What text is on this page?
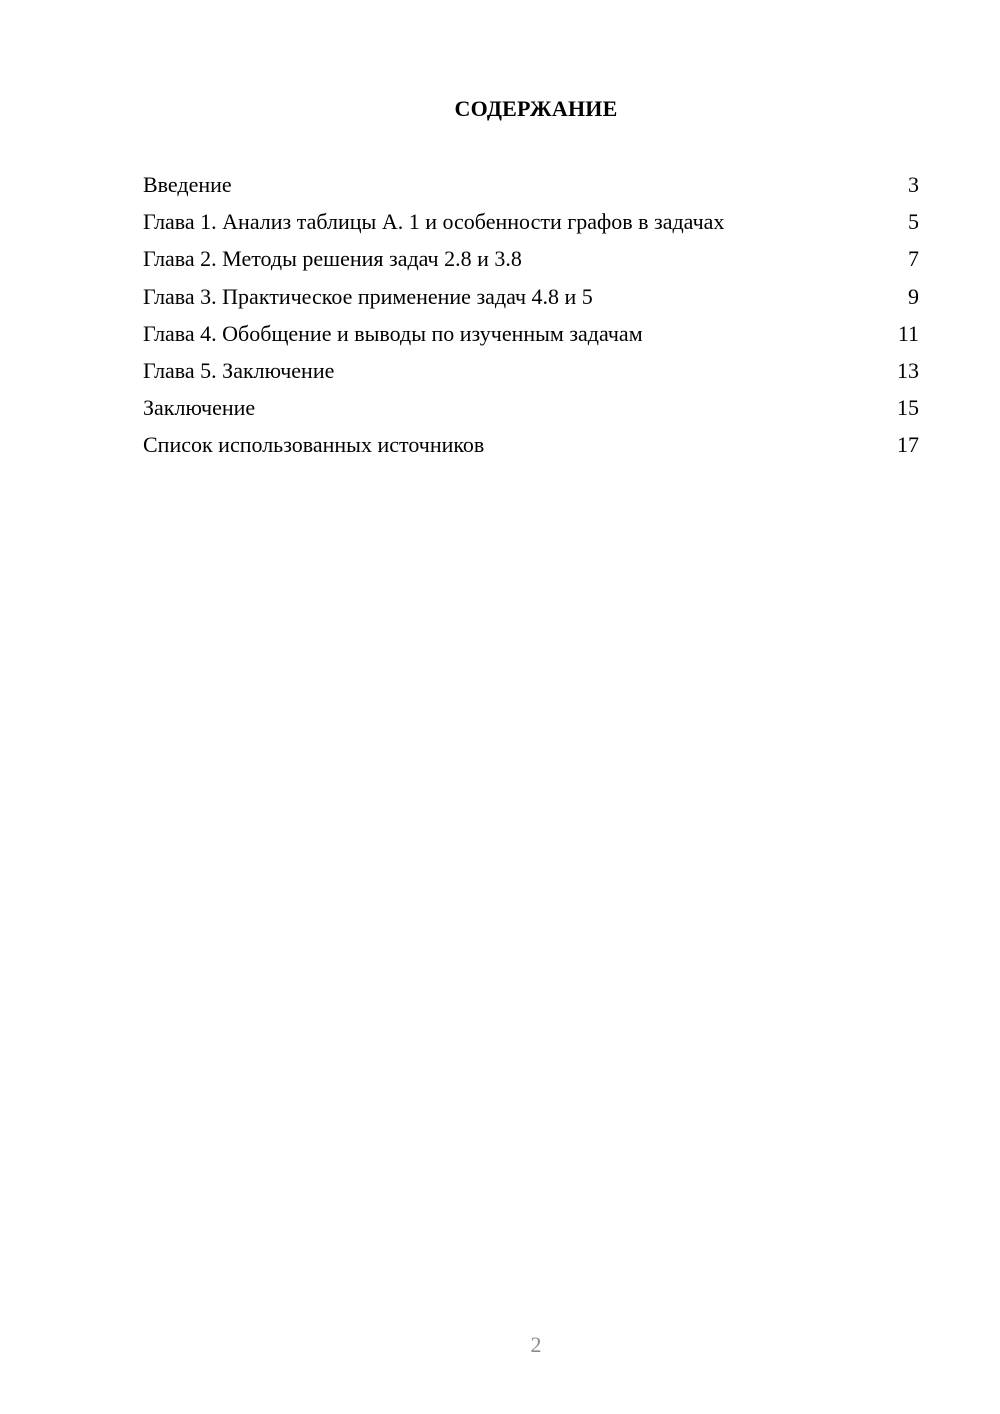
СОДЕРЖАНИЕ
Введение	3
Глава 1. Анализ таблицы А. 1 и особенности графов в задачах	5
Глава 2. Методы решения задач 2.8 и 3.8	7
Глава 3. Практическое применение задач 4.8 и 5	9
Глава 4. Обобщение и выводы по изученным задачам	11
Глава 5. Заключение	13
Заключение	15
Список использованных источников	17
2
